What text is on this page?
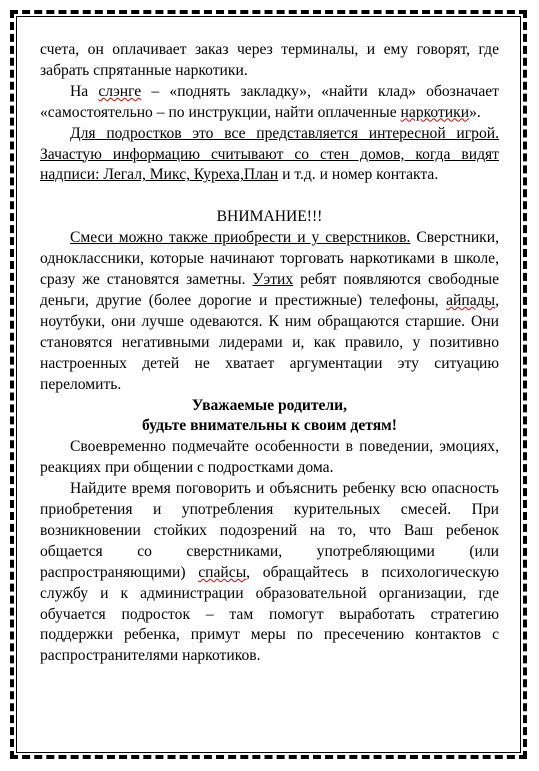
счета, он оплачивает заказ через терминалы, и ему говорят, где забрать спрятанные наркотики.

На слэнге – «поднять закладку», «найти клад» обозначает «самостоятельно – по инструкции, найти оплаченные наркотики».

Для подростков это все представляется интересной игрой. Зачастую информацию считывают со стен домов, когда видят надписи: Легал, Микс, Куреха,План и т.д. и номер контакта.

ВНИМАНИЕ!!!

Смеси можно также приобрести и у сверстников. Сверстники, одноклассники, которые начинают торговать наркотиками в школе, сразу же становятся заметны. Уэтих ребят появляются свободные деньги, другие (более дорогие и престижные) телефоны, айпады, ноутбуки, они лучше одеваются. К ним обращаются старшие. Они становятся негативными лидерами и, как правило, у позитивно настроенных детей не хватает аргументации эту ситуацию переломить.

Уважаемые родители,

будьте внимательны к своим детям!

Своевременно подмечайте особенности в поведении, эмоциях, реакциях при общении с подростками дома.

Найдите время поговорить и объяснить ребенку всю опасность приобретения и употребления курительных смесей. При возникновении стойких подозрений на то, что Ваш ребенок общается со сверстниками, употребляющими (или распространяющими) спайсы, обращайтесь в психологическую службу и к администрации образовательной организации, где обучается подросток – там помогут выработать стратегию поддержки ребенка, примут меры по пресечению контактов с распространителями наркотиков.
